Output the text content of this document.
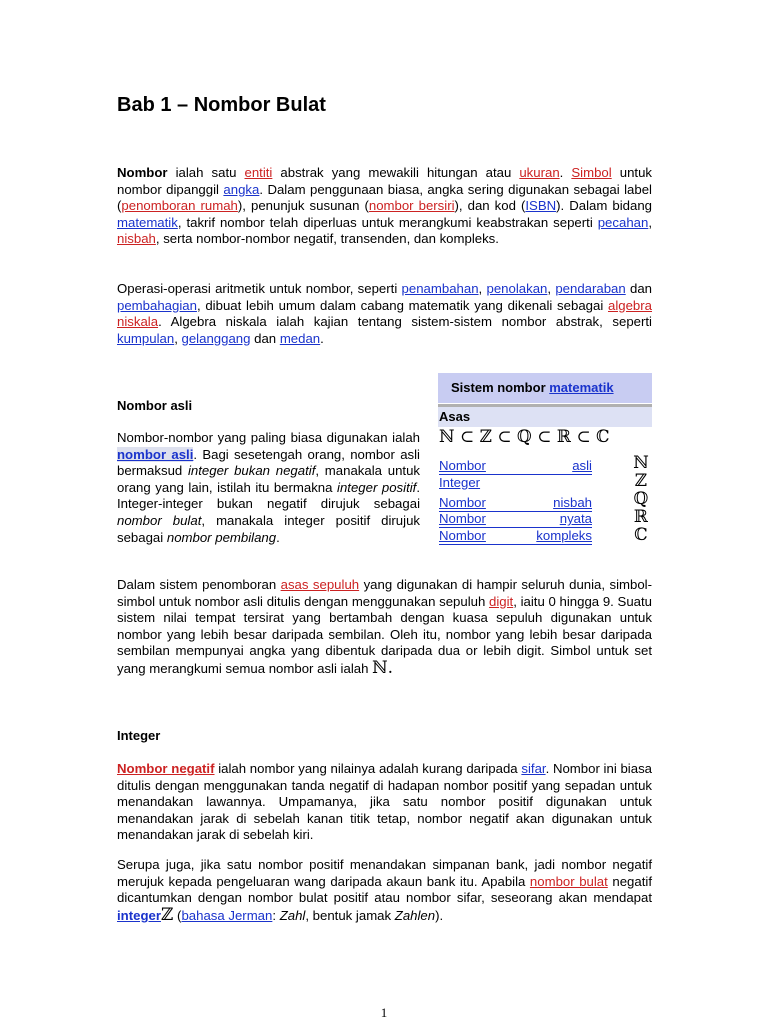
Bab 1 – Nombor Bulat

Nombor ialah satu entiti abstrak yang mewakili hitungan atau ukuran. Simbol untuk nombor dipanggil angka. Dalam penggunaan biasa, angka sering digunakan sebagai label (penomboran rumah), penunjuk susunan (nombor bersiri), dan kod (ISBN). Dalam bidang matematik, takrif nombor telah diperluas untuk merangkumi keabstrakan seperti pecahan, nisbah, serta nombor-nombor negatif, transenden, dan kompleks.

Operasi-operasi aritmetik untuk nombor, seperti penambahan, penolakan, pendaraban dan pembahagian, dibuat lebih umum dalam cabang matematik yang dikenali sebagai algebra niskala. Algebra niskala ialah kajian tentang sistem-sistem nombor abstrak, seperti kumpulan, gelanggang dan medan.

Sistem nombor matematik
Asas
ℕ ⊂ ℤ ⊂ ℚ ⊂ ℝ ⊂ ℂ
Nombor	asli ℕ
Integer	ℤ
Nombor	nisbah ℚ
Nombor	nyata ℝ
Nombor	kompleks ℂ
Nombor asli

Nombor-nombor yang paling biasa digunakan ialah nombor asli. Bagi sesetengah orang, nombor asli bermaksud integer bukan negatif, manakala untuk orang yang lain, istilah itu bermakna integer positif. Integer-integer bukan negatif dirujuk sebagai nombor bulat, manakala integer positif dirujuk sebagai nombor pembilang.

Dalam sistem penomboran asas sepuluh yang digunakan di hampir seluruh dunia, simbol-simbol untuk nombor asli ditulis dengan menggunakan sepuluh digit, iaitu 0 hingga 9. Suatu sistem nilai tempat tersirat yang bertambah dengan kuasa sepuluh digunakan untuk nombor yang lebih besar daripada sembilan. Oleh itu, nombor yang lebih besar daripada sembilan mempunyai angka yang dibentuk daripada dua or lebih digit. Simbol untuk set yang merangkumi semua nombor asli ialah ℕ.

Integer

Nombor negatif ialah nombor yang nilainya adalah kurang daripada sifar. Nombor ini biasa ditulis dengan menggunakan tanda negatif di hadapan nombor positif yang sepadan untuk menandakan lawannya. Umpamanya, jika satu nombor positif digunakan untuk menandakan jarak di sebelah kanan titik tetap, nombor negatif akan digunakan untuk menandakan jarak di sebelah kiri.

Serupa juga, jika satu nombor positif menandakan simpanan bank, jadi nombor negatif merujuk kepada pengeluaran wang daripada akaun bank itu. Apabila nombor bulat negatif dicantumkan dengan nombor bulat positif atau nombor sifar, seseorang akan mendapat integerℤ (bahasa Jerman: Zahl, bentuk jamak Zahlen).

1
